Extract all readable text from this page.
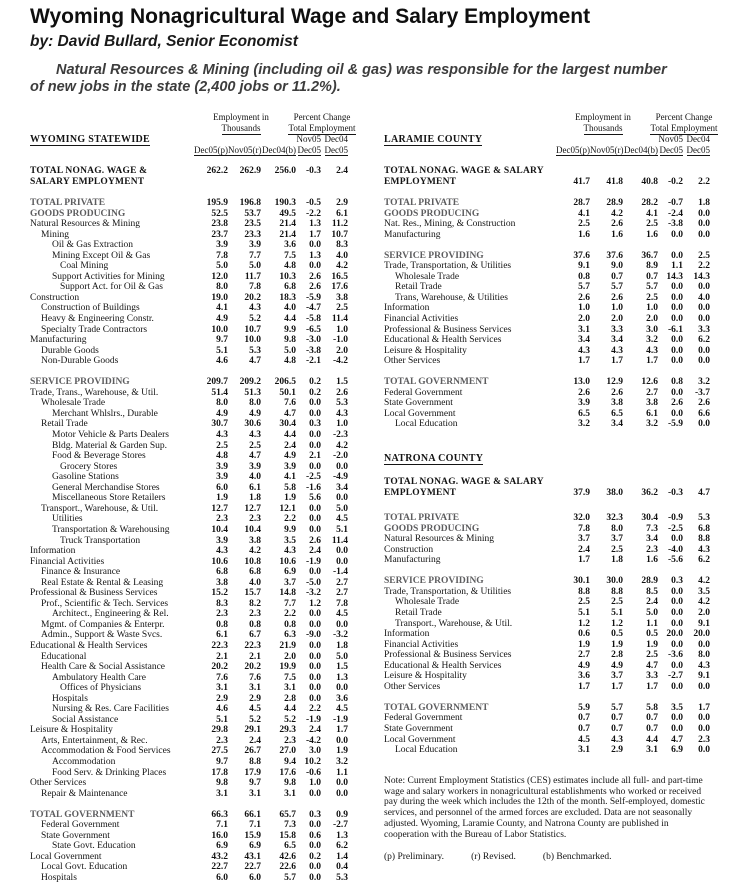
Wyoming Nonagricultural Wage and Salary Employment
by: David Bullard, Senior Economist
Natural Resources & Mining (including oil & gas) was responsible for the largest number
of new jobs in the state (2,400 jobs or 11.2%).
Employment in	Percent Change
Thousands	Total Employment
WYOMING STATEWIDE	Nov05 Dec04
Dec05(p) Nov05(r) Dec04(b) Dec05 Dec05
TOTAL NONAG. WAGE &	262.2	262.9	256.0	-0.3	2.4
SALARY EMPLOYMENT
TOTAL PRIVATE	195.9	196.8	190.3	-0.5	2.9
GOODS PRODUCING	52.5	53.7	49.5	-2.2	6.1
Natural Resources & Mining	23.8	23.5	21.4	1.3	11.2
Mining	23.7	23.3	21.4	1.7	10.7
Oil & Gas Extraction	3.9	3.9	3.6	0.0	8.3
Mining Except Oil & Gas	7.8	7.7	7.5	1.3	4.0
Coal Mining	5.0	5.0	4.8	0.0	4.2
Support Activities for Mining	12.0	11.7	10.3	2.6	16.5
Support Act. for Oil & Gas	8.0	7.8	6.8	2.6	17.6
Construction	19.0	20.2	18.3	-5.9	3.8
Construction of Buildings	4.1	4.3	4.0	-4.7	2.5
Heavy & Engineering Constr.	4.9	5.2	4.4	-5.8	11.4
Specialty Trade Contractors	10.0	10.7	9.9	-6.5	1.0
Manufacturing	9.7	10.0	9.8	-3.0	-1.0
Durable Goods	5.1	5.3	5.0	-3.8	2.0
Non-Durable Goods	4.6	4.7	4.8	-2.1	-4.2
SERVICE PROVIDING	209.7	209.2	206.5	0.2	1.5
Trade, Trans., Warehouse, & Util.	51.4	51.3	50.1	0.2	2.6
Wholesale Trade	8.0	8.0	7.6	0.0	5.3
Merchant Whlslrs., Durable	4.9	4.9	4.7	0.0	4.3
Retail Trade	30.7	30.6	30.4	0.3	1.0
Motor Vehicle & Parts Dealers	4.3	4.3	4.4	0.0	-2.3
Bldg. Material & Garden Sup.	2.5	2.5	2.4	0.0	4.2
Food & Beverage Stores	4.8	4.7	4.9	2.1	-2.0
Grocery Stores	3.9	3.9	3.9	0.0	0.0
Gasoline Stations	3.9	4.0	4.1	-2.5	-4.9
General Merchandise Stores	6.0	6.1	5.8	-1.6	3.4
Miscellaneous Store Retailers	1.9	1.8	1.9	5.6	0.0
Transport., Warehouse, & Util.	12.7	12.7	12.1	0.0	5.0
Utilities	2.3	2.3	2.2	0.0	4.5
Transportation & Warehousing	10.4	10.4	9.9	0.0	5.1
Truck Transportation	3.9	3.8	3.5	2.6	11.4
Information	4.3	4.2	4.3	2.4	0.0
Financial Activities	10.6	10.8	10.6	-1.9	0.0
Finance & Insurance	6.8	6.8	6.9	0.0	-1.4
Real Estate & Rental & Leasing	3.8	4.0	3.7	-5.0	2.7
Professional & Business Services	15.2	15.7	14.8	-3.2	2.7
Prof., Scientific & Tech. Services	8.3	8.2	7.7	1.2	7.8
Architect., Engineering & Rel.	2.3	2.3	2.2	0.0	4.5
Mgmt. of Companies & Enterpr.	0.8	0.8	0.8	0.0	0.0
Admin., Support & Waste Svcs.	6.1	6.7	6.3	-9.0	-3.2
Educational & Health Services	22.3	22.3	21.9	0.0	1.8
Educational	2.1	2.1	2.0	0.0	5.0
Health Care & Social Assistance	20.2	20.2	19.9	0.0	1.5
Ambulatory Health Care	7.6	7.6	7.5	0.0	1.3
Offices of Physicians	3.1	3.1	3.1	0.0	0.0
Hospitals	2.9	2.9	2.8	0.0	3.6
Nursing & Res. Care Facilities	4.6	4.5	4.4	2.2	4.5
Social Assistance	5.1	5.2	5.2	-1.9	-1.9
Leisure & Hospitality	29.8	29.1	29.3	2.4	1.7
Arts, Entertainment, & Rec.	2.3	2.4	2.3	-4.2	0.0
Accommodation & Food Services	27.5	26.7	27.0	3.0	1.9
Accommodation	9.7	8.8	9.4 10.2	3.2
Food Serv. & Drinking Places	17.8	17.9	17.6	-0.6	1.1
Other Services	9.8	9.7	9.8	1.0	0.0
Repair & Maintenance	3.1	3.1	3.1	0.0	0.0
TOTAL GOVERNMENT	66.3	66.1	65.7	0.3	0.9
Federal Government	7.1	7.1	7.3	0.0	-2.7
State Government	16.0	15.9	15.8	0.6	1.3
State Govt. Education	6.9	6.9	6.5	0.0	6.2
Local Government	43.2	43.1	42.6	0.2	1.4
Local Govt. Education	22.7	22.7	22.6	0.0	0.4
Hospitals	6.0	6.0	5.7	0.0	5.3
Employment in	Percent Change
Thousands	Total Employment
LARAMIE COUNTY	Nov05 Dec04
Dec05(p) Nov05(r) Dec04(b) Dec05 Dec05
TOTAL NONAG. WAGE & SALARY
EMPLOYMENT	41.7	41.8	40.8	-0.2	2.2
TOTAL PRIVATE	28.7	28.9	28.2	-0.7	1.8
GOODS PRODUCING	4.1	4.2	4.1	-2.4	0.0
Nat. Res., Mining, & Construction	2.5	2.6	2.5	-3.8	0.0
Manufacturing	1.6	1.6	1.6	0.0	0.0
SERVICE PROVIDING	37.6	37.6	36.7	0.0	2.5
Trade, Transportation, & Utilities	9.1	9.0	8.9	1.1	2.2
Wholesale Trade	0.8	0.7	0.7 14.3	14.3
Retail Trade	5.7	5.7	5.7	0.0	0.0
Trans, Warehouse, & Utilities	2.6	2.6	2.5	0.0	4.0
Information	1.0	1.0	1.0	0.0	0.0
Financial Activities	2.0	2.0	2.0	0.0	0.0
Professional & Business Services	3.1	3.3	3.0	-6.1	3.3
Educational & Health Services	3.4	3.4	3.2	0.0	6.2
Leisure & Hospitality	4.3	4.3	4.3	0.0	0.0
Other Services	1.7	1.7	1.7	0.0	0.0
TOTAL GOVERNMENT	13.0	12.9	12.6	0.8	3.2
Federal Government	2.6	2.6	2.7	0.0	-3.7
State Government	3.9	3.8	3.8	2.6	2.6
Local Government	6.5	6.5	6.1	0.0	6.6
Local Education	3.2	3.4	3.2	-5.9	0.0
NATRONA COUNTY
TOTAL NONAG. WAGE & SALARY
EMPLOYMENT	37.9	38.0	36.2	-0.3	4.7
TOTAL PRIVATE	32.0	32.3	30.4	-0.9	5.3
GOODS PRODUCING	7.8	8.0	7.3	-2.5	6.8
Natural Resources & Mining	3.7	3.7	3.4	0.0	8.8
Construction	2.4	2.5	2.3	-4.0	4.3
Manufacturing	1.7	1.8	1.6	-5.6	6.2
SERVICE PROVIDING	30.1	30.0	28.9	0.3	4.2
Trade, Transportation, & Utilities	8.8	8.8	8.5	0.0	3.5
Wholesale Trade	2.5	2.5	2.4	0.0	4.2
Retail Trade	5.1	5.1	5.0	0.0	2.0
Transport., Warehouse, & Util.	1.2	1.2	1.1	0.0	9.1
Information	0.6	0.5	0.5 20.0	20.0
Financial Activities	1.9	1.9	1.9	0.0	0.0
Professional & Business Services	2.7	2.8	2.5	-3.6	8.0
Educational & Health Services	4.9	4.9	4.7	0.0	4.3
Leisure & Hospitality	3.6	3.7	3.3	-2.7	9.1
Other Services	1.7	1.7	1.7	0.0	0.0
TOTAL GOVERNMENT	5.9	5.7	5.8	3.5	1.7
Federal Government	0.7	0.7	0.7	0.0	0.0
State Government	0.7	0.7	0.7	0.0	0.0
Local Government	4.5	4.3	4.4	4.7	2.3
Local Education	3.1	2.9	3.1	6.9	0.0
Note: Current Employment Statistics (CES) estimates include all full- and part-time wage and salary workers in nonagricultural establishments who worked or received pay during the week which includes the 12th of the month. Self-employed, domestic services, and personnel of the armed forces are excluded. Data are not seasonally adjusted. Wyoming, Laramie County, and Natrona County are published in cooperation with the Bureau of Labor Statistics.
(p) Preliminary.	(r) Revised.	(b) Benchmarked.
